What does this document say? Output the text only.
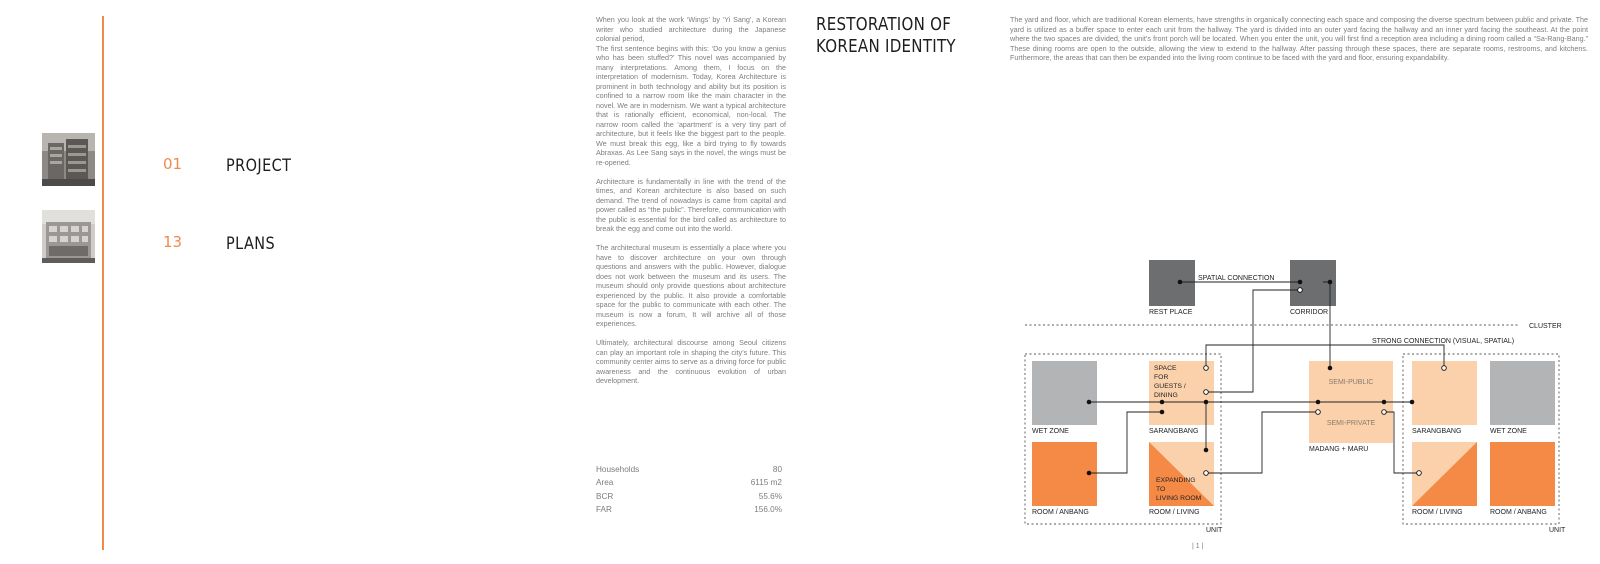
01	PROJECT
13	PLANS

When you look at the work ‘Wings’ by ‘Yi Sang’, a Korean writer who studied architecture during the Japanese colonial period,

The first sentence begins with this: ‘Do you know a genius who has been stuffed?’ This novel was accompanied by many interpretations. Among them, I focus on the interpretation of modernism. Today, Korea Architecture is prominent in both technology and ability but its position is confined to a narrow room like the main character in the novel. We are in modernism. We want a typical architecture that is rationally efficient, economical, non-local. The narrow room called the ‘apartment’ is a very tiny part of architecture, but it feels like the biggest part to the people. We must break this egg, like a bird trying to fly towards Abraxas. As Lee Sang says in the novel, the wings must be re-opened.

Architecture is fundamentally in line with the trend of the times, and Korean architecture is also based on such demand. The trend of nowadays is came from capital and power called as “the public”. Therefore, communication with the public is essential for the bird called as architecture to break the egg and come out into the world.

The architectural museum is essentially a place where you have to discover architecture on your own through questions and answers with the public. However, dialogue does not work between the museum and its users. The museum should only provide questions about architecture experienced by the public. It also provide a comfortable space for the public to communicate with each other. The museum is now a forum, It will archive all of those experiences.

Ultimately, architectural discourse among Seoul citizens can play an important role in shaping the city’s future. This community center aims to serve as a driving force for public awareness and the continuous evolution of urban development.

Households	80
Area	6115 m2
BCR	55.6%
FAR	156.0%
RESTORATION OF
KOREAN IDENTITY
The yard and floor, which are traditional Korean elements, have strengths in organically connecting each space and composing the diverse spectrum between public and private. The yard is utilized as a buffer space to enter each unit from the hallway. The yard is divided into an outer yard facing the hallway and an inner yard facing the southeast. At the point where the two spaces are divided, the unit’s front porch will be located. When you enter the unit, you will first find a reception area including a dining room called a “Sa-Rang-Bang.” These dining rooms are open to the outside, allowing the view to extend to the hallway. After passing through these spaces, there are separate rooms, restrooms, and kitchens. Furthermore, the areas that can then be expanded into the living room continue to be faced with the yard and floor, ensuring expandability.
REST PLACE	CORRIDOR
SPATIAL CONNECTION
CLUSTER
STRONG CONNECTION (VISUAL, SPATIAL)
UNIT	UNIT
WET ZONE	SARANGBANG
ROOM / ANBANG	ROOM / LIVING
SPACE FOR GUESTS / DINING
EXPANDING TO LIVING ROOM
SEMI-PUBLIC
SEMI-PRIVATE
MADANG + MARU
SARANGBANG	WET ZONE
ROOM / LIVING	ROOM / ANBANG
| 1 |
